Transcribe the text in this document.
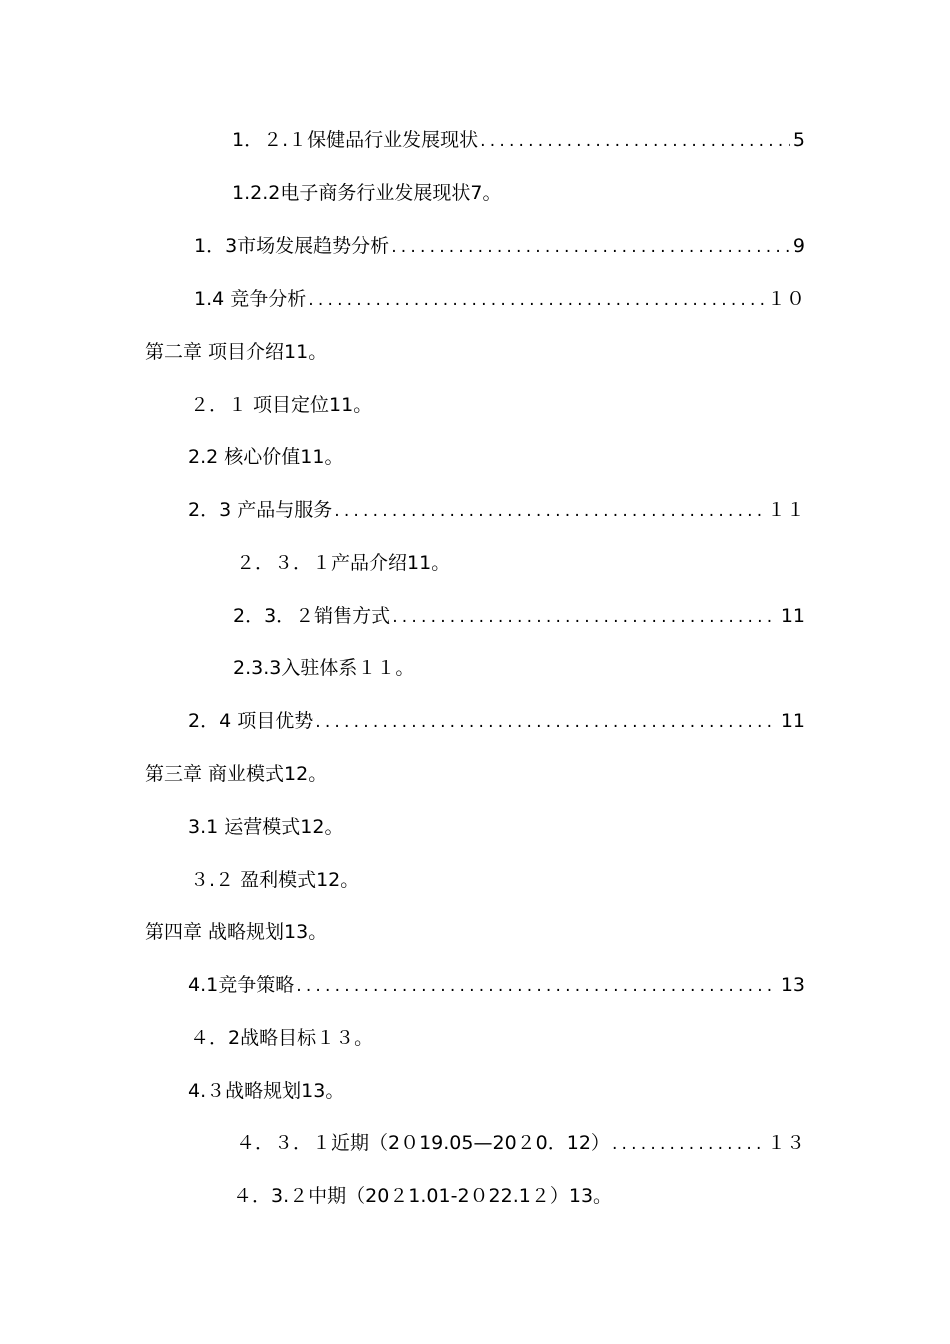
1．２.１保健品行业发展现状 .....	5
1.2.2电子商务行业发展现状 7。
1．3市场发展趋势分析 .....	9
1.4 竞争分析 .....	１０
第二章 项目介绍 11。
２．１ 项目定位 11。
2.2 核心价值 11。
2．3 产品与服务 .....	１１
２．３．１产品介绍 11。
2．3．２销售方式 .....	11
2.3.3入驻体系 １１。
2．4 项目优势 .....	11
第三章 商业模式 12。
3.1 运营模式 12。
３.２ 盈利模式 12。
第四章 战略规划 13。
4.1竞争策略 .....	13
４．2战略目标 １３。
4.３战略规划 13。
４．３．１近期（2０19.05—20２0．12） .....	１３
４．3.２中期（20２1.01-2０22.1２） 13。
